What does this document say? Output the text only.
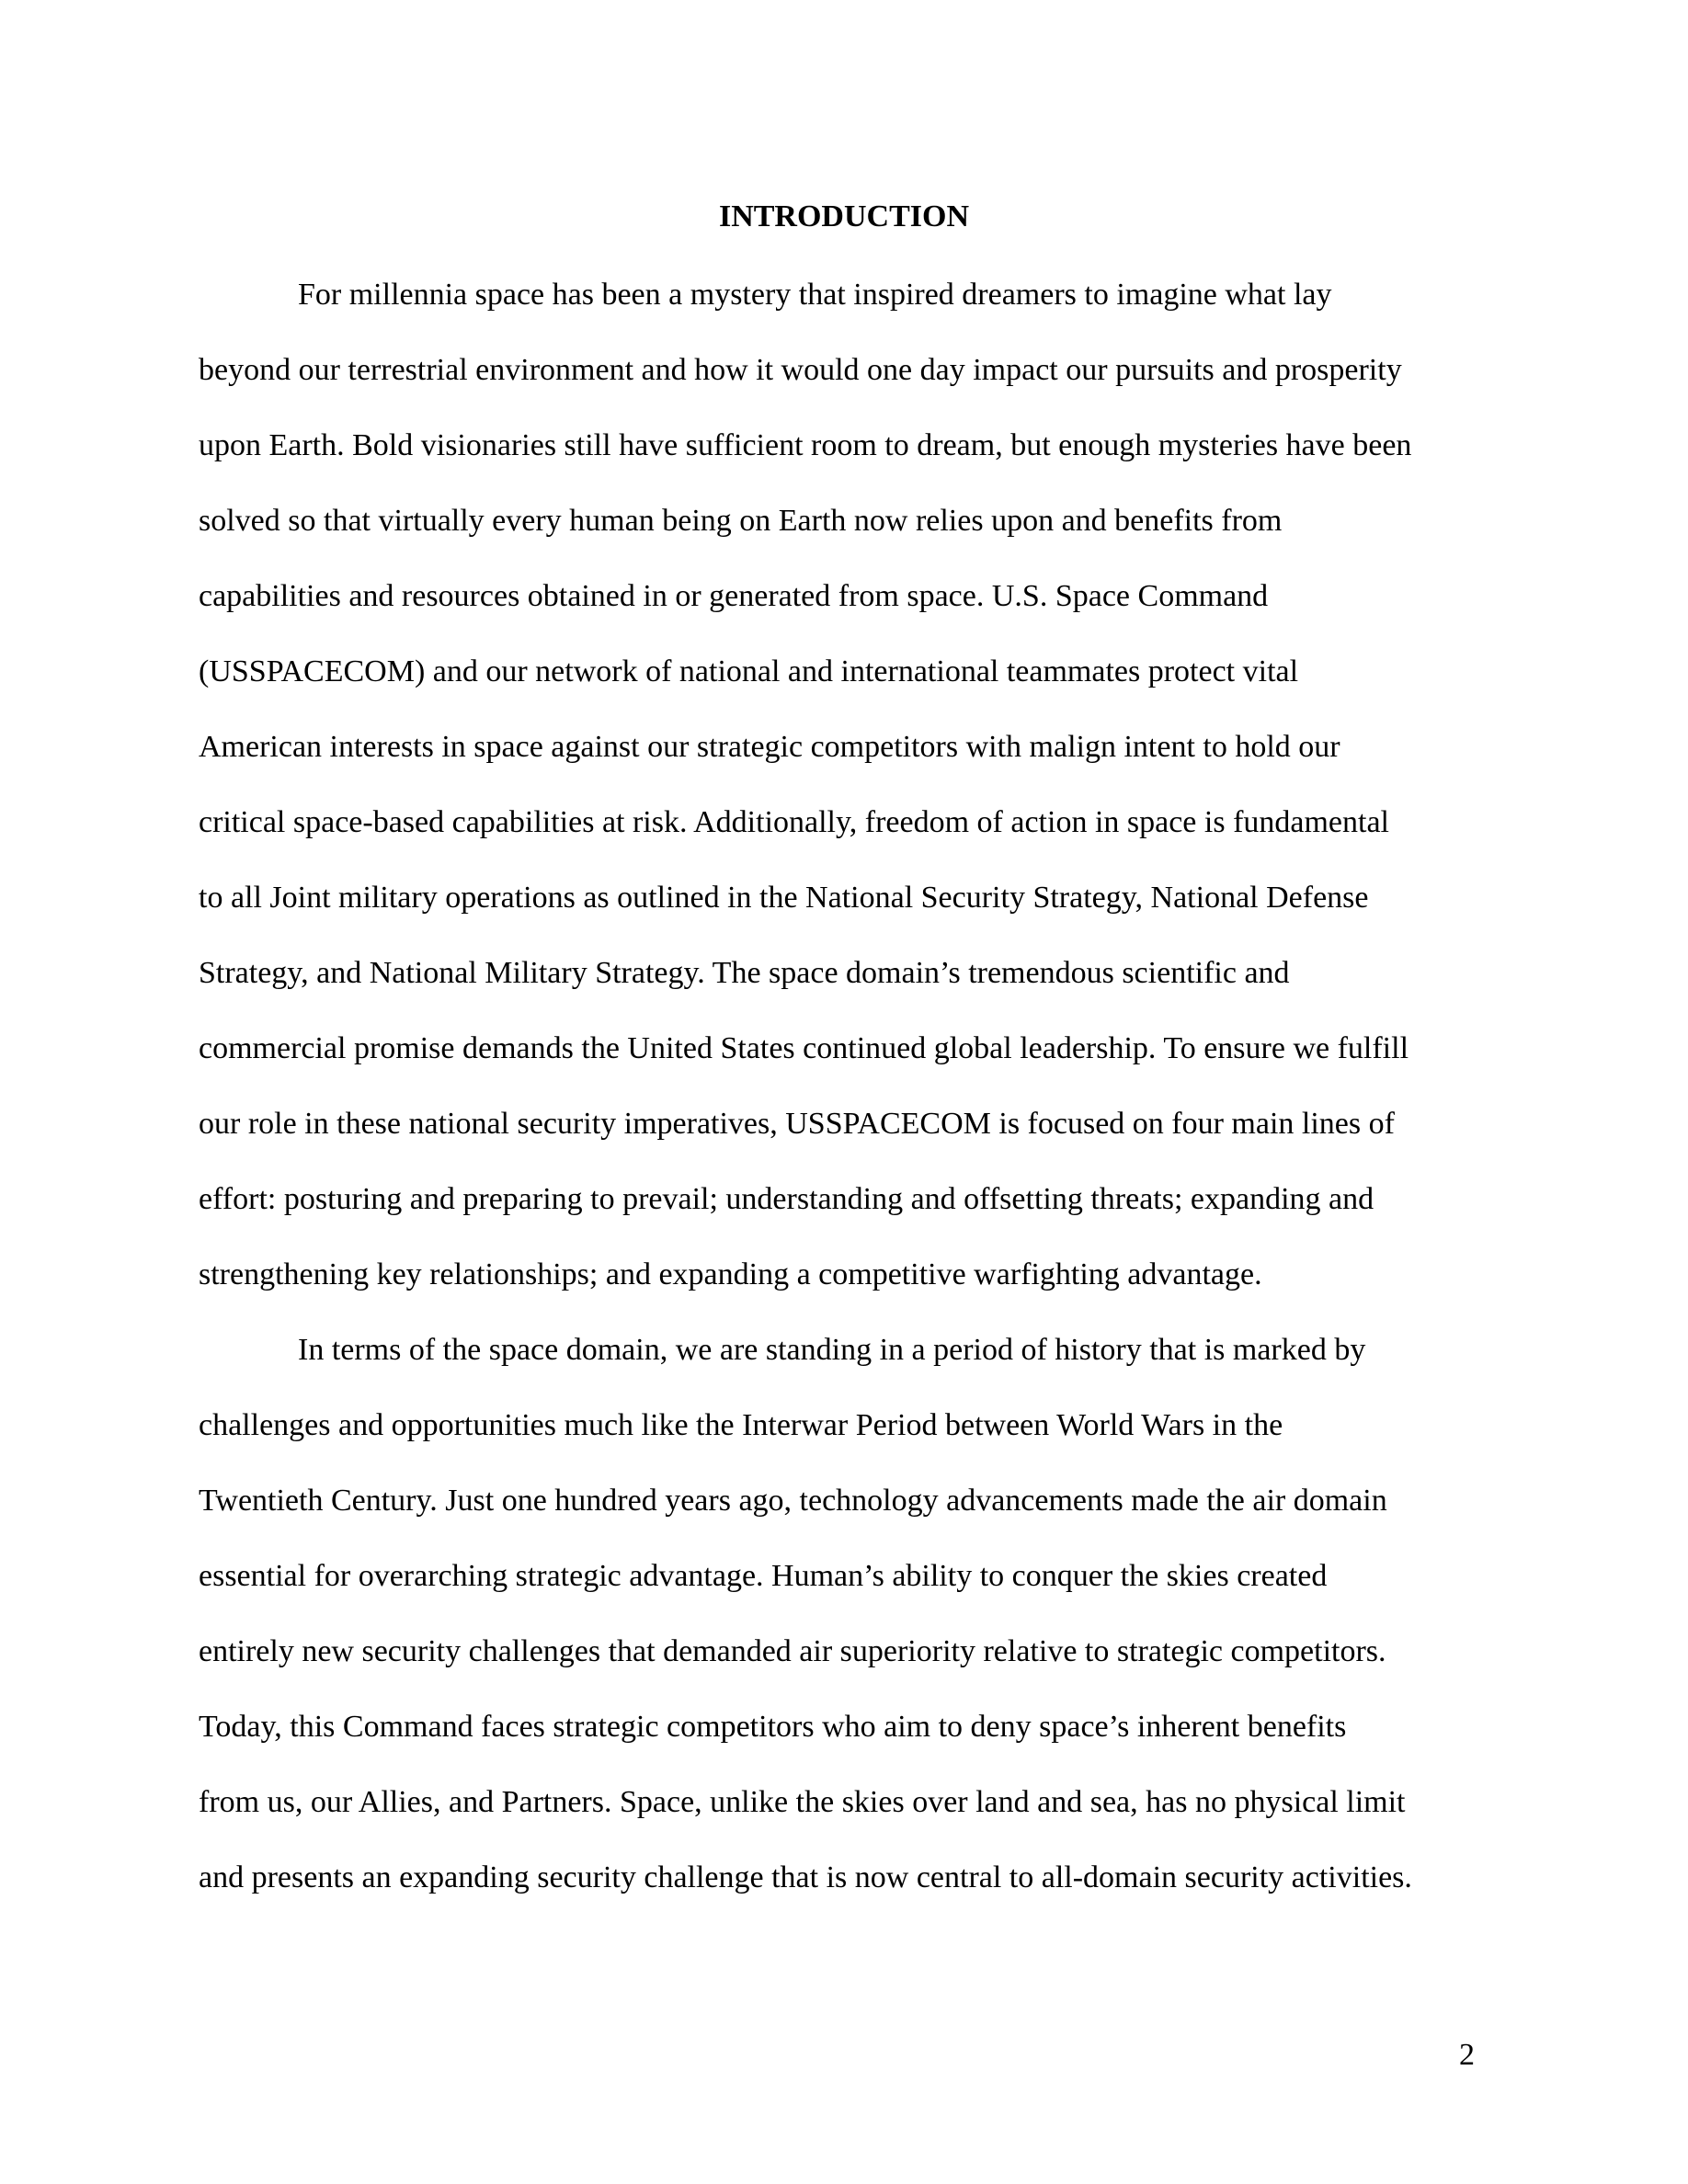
INTRODUCTION

For millennia space has been a mystery that inspired dreamers to imagine what lay

beyond our terrestrial environment and how it would one day impact our pursuits and prosperity

upon Earth. Bold visionaries still have sufficient room to dream, but enough mysteries have been

solved so that virtually every human being on Earth now relies upon and benefits from

capabilities and resources obtained in or generated from space. U.S. Space Command

(USSPACECOM) and our network of national and international teammates protect vital

American interests in space against our strategic competitors with malign intent to hold our

critical space-based capabilities at risk. Additionally, freedom of action in space is fundamental

to all Joint military operations as outlined in the National Security Strategy, National Defense

Strategy, and National Military Strategy. The space domain’s tremendous scientific and

commercial promise demands the United States continued global leadership. To ensure we fulfill

our role in these national security imperatives, USSPACECOM is focused on four main lines of

effort: posturing and preparing to prevail; understanding and offsetting threats; expanding and

strengthening key relationships; and expanding a competitive warfighting advantage.

In terms of the space domain, we are standing in a period of history that is marked by

challenges and opportunities much like the Interwar Period between World Wars in the

Twentieth Century. Just one hundred years ago, technology advancements made the air domain

essential for overarching strategic advantage. Human’s ability to conquer the skies created

entirely new security challenges that demanded air superiority relative to strategic competitors.

Today, this Command faces strategic competitors who aim to deny space’s inherent benefits

from us, our Allies, and Partners. Space, unlike the skies over land and sea, has no physical limit

and presents an expanding security challenge that is now central to all-domain security activities.

2
